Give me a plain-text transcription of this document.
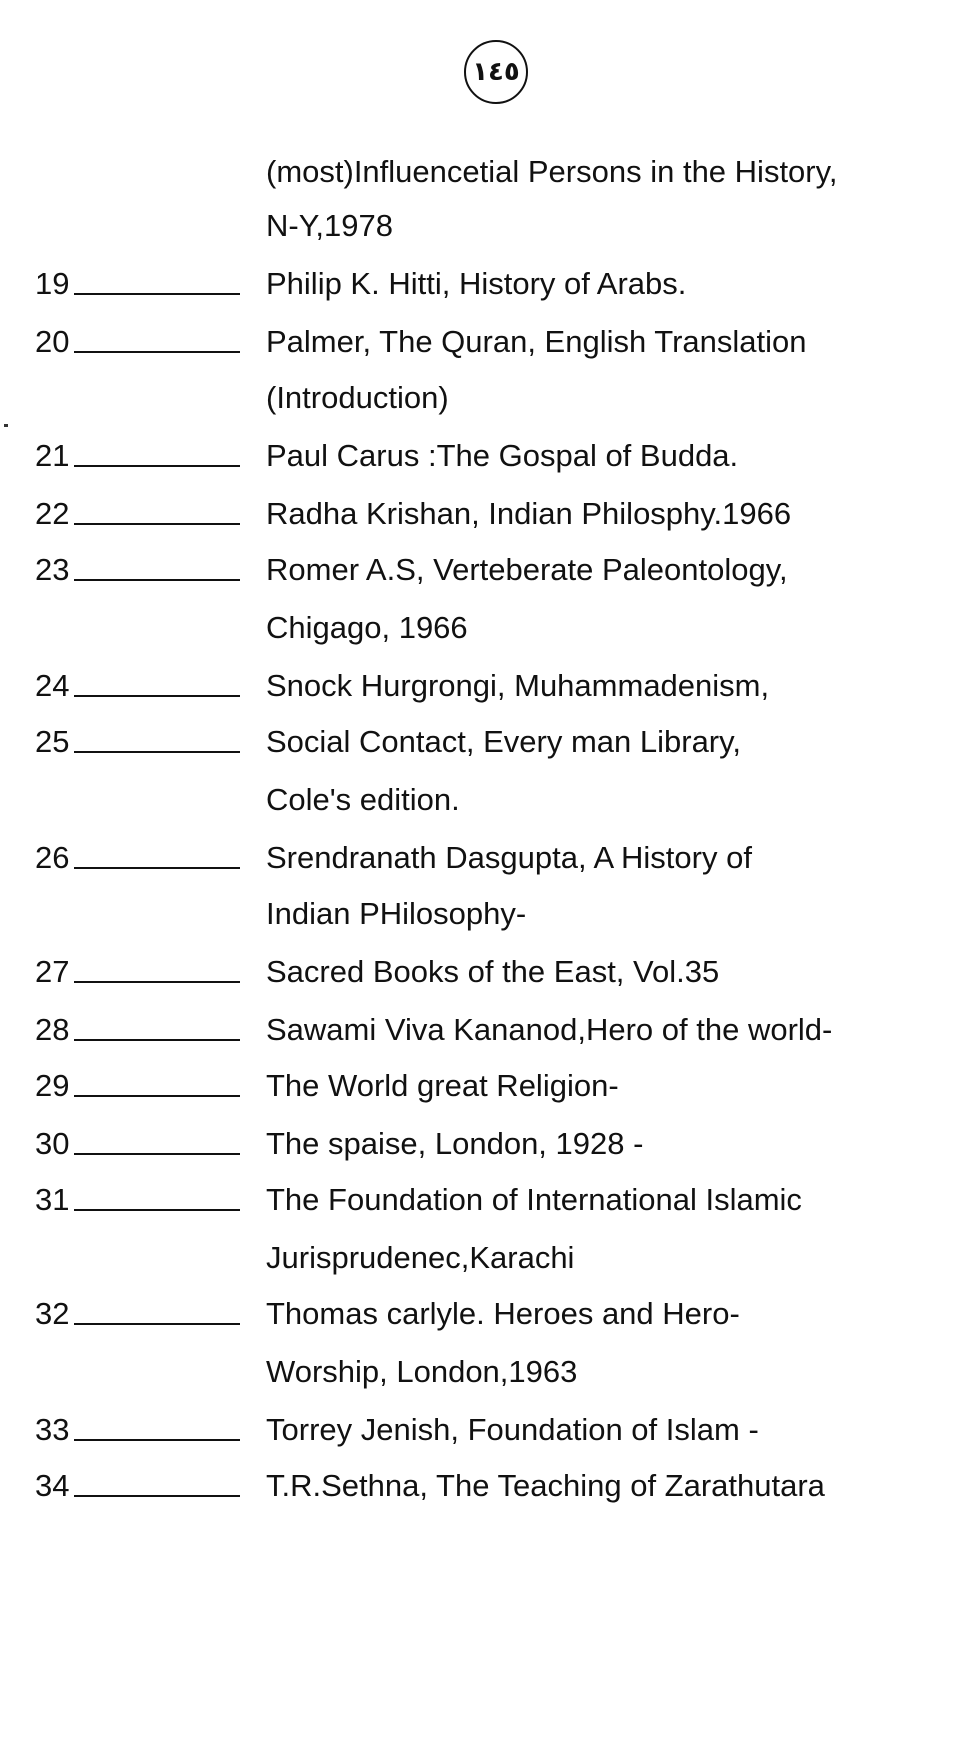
١٤٥
(most)Influencetial Persons in the History,
N-Y,1978
19	Philip K. Hitti, History of Arabs.
20	Palmer, The Quran, English Translation
(Introduction)
21	Paul Carus :The Gospal of Budda.
22	Radha Krishan, Indian Philosphy.1966
23	Romer A.S, Verteberate Paleontology,
Chigago, 1966
24	Snock Hurgrongi, Muhammadenism,
25	Social Contact, Every man Library,
Cole's edition.
26	Srendranath Dasgupta, A History of
Indian PHilosophy-
27	Sacred Books of the East, Vol.35
28	Sawami Viva Kananod,Hero of the world-
29	The World great Religion-
30	The spaise, London, 1928 -
31	The Foundation of International Islamic
Jurisprudenec,Karachi
32	Thomas carlyle. Heroes and Hero-
Worship, London,1963
33	Torrey Jenish, Foundation of Islam -
34	T.R.Sethna, The Teaching of Zarathutara
